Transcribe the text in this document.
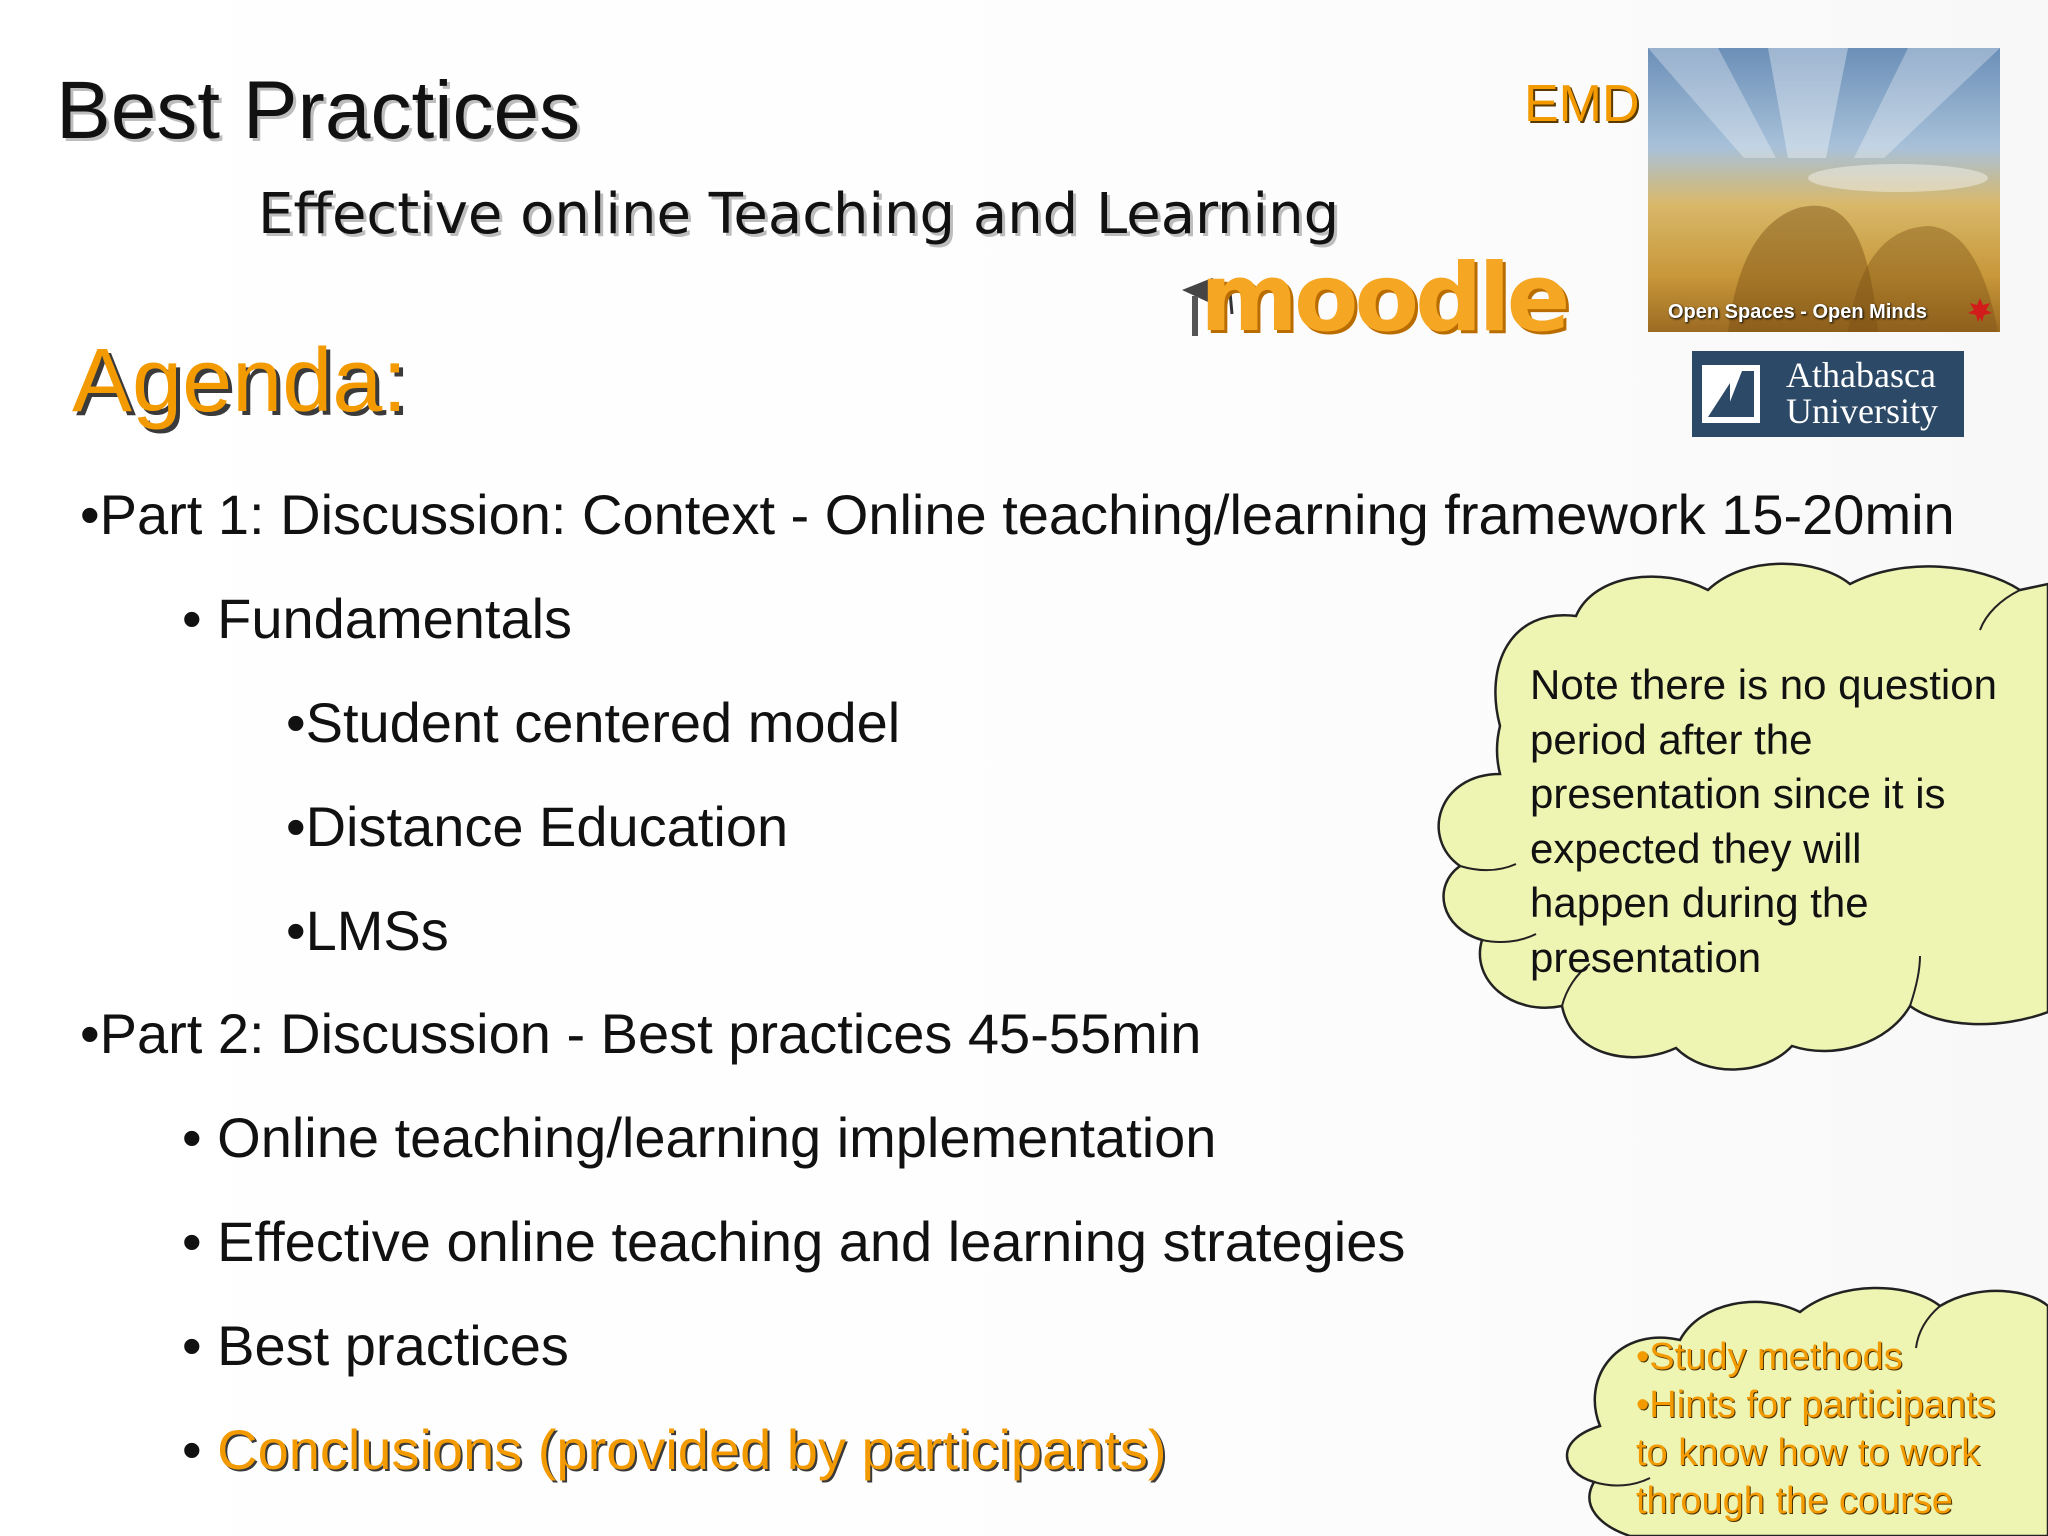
Best Practices
Effective online Teaching and Learning
EMD
moodle	Open Spaces - Open Minds
Athabasca
University
Agenda:
•Part 1: Discussion: Context - Online teaching/learning framework 15-20min
• Fundamentals
•Student centered model
•Distance Education
•LMSs
•Part 2: Discussion - Best practices 45-55min
• Online teaching/learning implementation
• Effective online teaching and learning strategies
• Best practices
• Conclusions (provided by participants)
Note there is no question
period after the
presentation since it is
expected they will
happen during the
presentation
•Study methods
•Hints for participants
to know how to work
through the course
